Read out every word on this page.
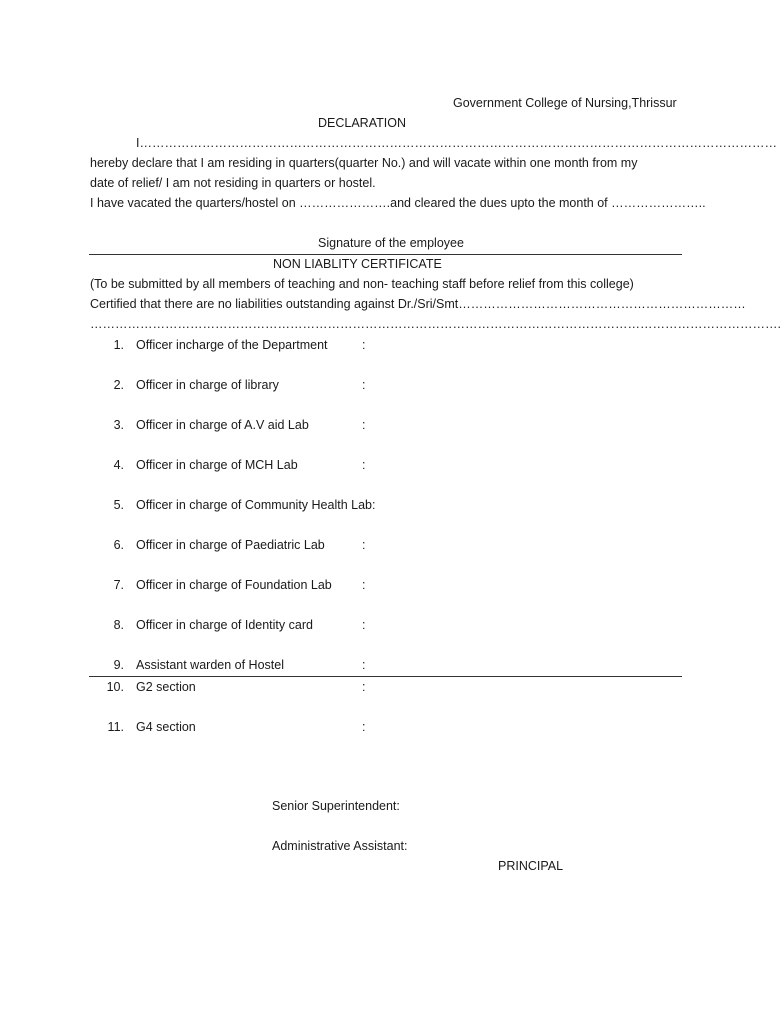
Government College of Nursing,Thrissur
DECLARATION
I………………………………………………………………………………………………………………………………………
hereby declare that I am residing in quarters(quarter No.) and will vacate within one month from my
date of relief/ I am not residing in quarters or hostel.
I have vacated the quarters/hostel on ………………….and cleared the dues upto the month of …………………..
Signature of the employee
NON LIABLITY CERTIFICATE
(To be submitted by all members of teaching and non- teaching staff before relief from this college)
Certified that there are no liabilities outstanding against Dr./Sri/Smt……………………………………………………………
………………………………………………………………………………………………………………………………………………….
1. Officer incharge of the Department	:
2. Officer in charge of library	:
3. Officer in charge of A.V aid Lab	:
4. Officer in charge of MCH Lab	:
5. Officer in charge of Community Health Lab:
6. Officer in charge of Paediatric Lab	:
7. Officer in charge of Foundation Lab :
8. Officer in charge of Identity card	:
9. Assistant warden of Hostel	:
10. G2 section	:
11. G4 section	:
Senior Superintendent:
Administrative Assistant:
PRINCIPAL
